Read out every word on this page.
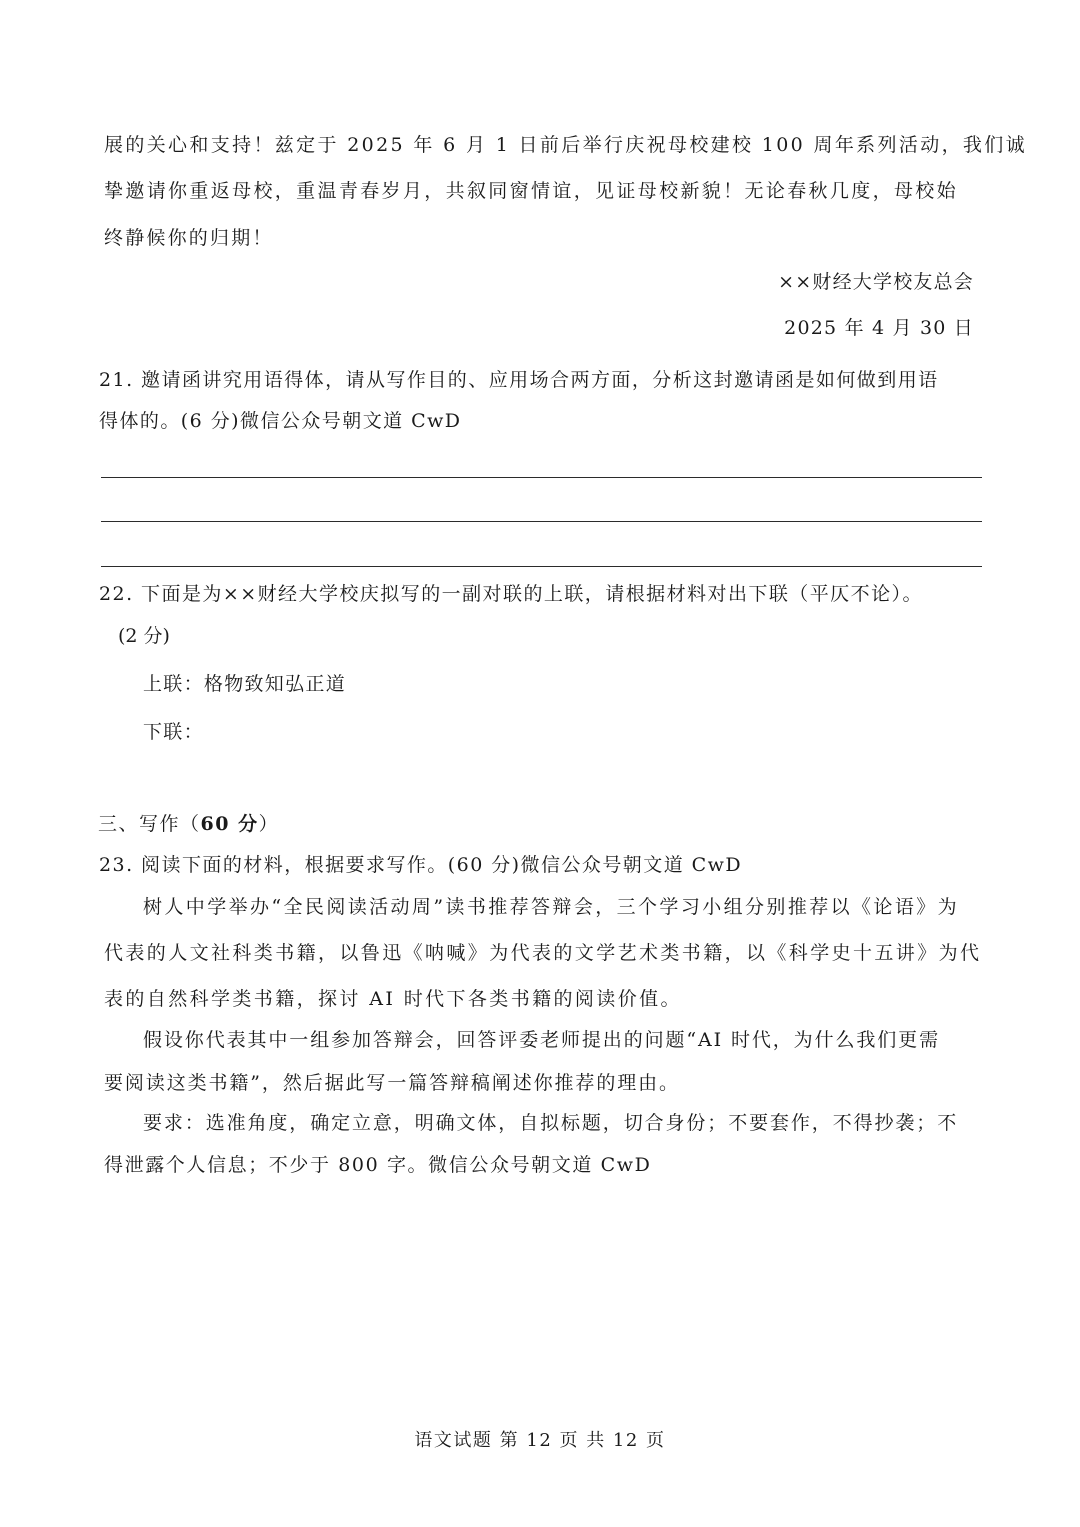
展的关心和支持！兹定于 2025 年 6 月 1 日前后举行庆祝母校建校 100 周年系列活动，我们诚
挚邀请你重返母校，重温青春岁月，共叙同窗情谊，见证母校新貌！无论春秋几度，母校始
终静候你的归期！
××财经大学校友总会
2025 年 4 月 30 日
21. 邀请函讲究用语得体，请从写作目的、应用场合两方面，分析这封邀请函是如何做到用语
得体的。(6 分)微信公众号朝文道 CwD
22. 下面是为××财经大学校庆拟写的一副对联的上联，请根据材料对出下联（平仄不论）。
(2 分)
上联：格物致知弘正道
下联：
三、写作（60 分）
23. 阅读下面的材料，根据要求写作。(60 分)微信公众号朝文道 CwD
树人中学举办“全民阅读活动周”读书推荐答辩会，三个学习小组分别推荐以《论语》为
代表的人文社科类书籍，以鲁迅《呐喊》为代表的文学艺术类书籍，以《科学史十五讲》为代
表的自然科学类书籍，探讨 AI 时代下各类书籍的阅读价值。
假设你代表其中一组参加答辩会，回答评委老师提出的问题“AI 时代，为什么我们更需
要阅读这类书籍”，然后据此写一篇答辩稿阐述你推荐的理由。
要求：选准角度，确定立意，明确文体，自拟标题，切合身份；不要套作，不得抄袭；不
得泄露个人信息；不少于 800 字。微信公众号朝文道 CwD
语文试题 第 12 页 共 12 页
